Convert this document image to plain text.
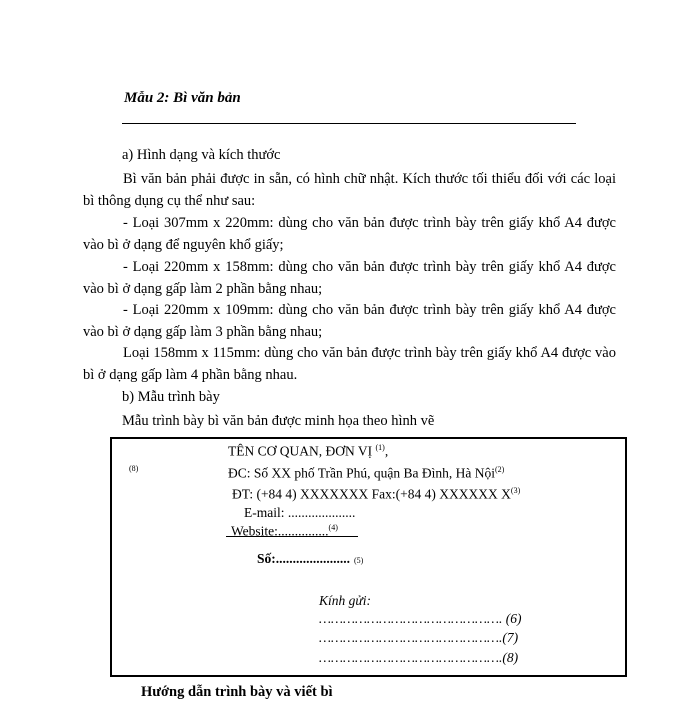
Mẫu 2: Bì văn bản
a) Hình dạng và kích thước
Bì văn bản phải được in sẵn, có hình chữ nhật. Kích thước tối thiểu đối với các loại bì thông dụng cụ thể như sau:
- Loại 307mm x 220mm: dùng cho văn bản được trình bày trên giấy khổ A4 được vào bì ở dạng để nguyên khổ giấy;
- Loại 220mm x 158mm: dùng cho văn bản được trình bày trên giấy khổ A4 được vào bì ở dạng gấp làm 2 phần bằng nhau;
- Loại 220mm x 109mm: dùng cho văn bản được trình bày trên giấy khổ A4 được vào bì ở dạng gấp làm 3 phần bằng nhau;
Loại 158mm x 115mm: dùng cho văn bản được trình bày trên giấy khổ A4 được vào bì ở dạng gấp làm 4 phần bằng nhau.
b) Mẫu trình bày
Mẫu trình bày bì văn bản được minh họa theo hình vẽ
(8)
TÊN CƠ QUAN, ĐƠN VỊ $^{(1)}$,
ĐC: Số XX phố Trần Phú, quận Ba Đình, Hà Nội$^{(2)}$
ĐT: (+84 4) XXXXXXX Fax:(+84 4) XXXXXX $X^{(3)}$
E-mail: ....................
Website:...............$^{(4)}$
Số:...................... (5)
Kính gửi:
………………………………………. (6)
……………………………………….(7)
……………………………………….(8)
Hướng dẫn trình bày và viết bì
